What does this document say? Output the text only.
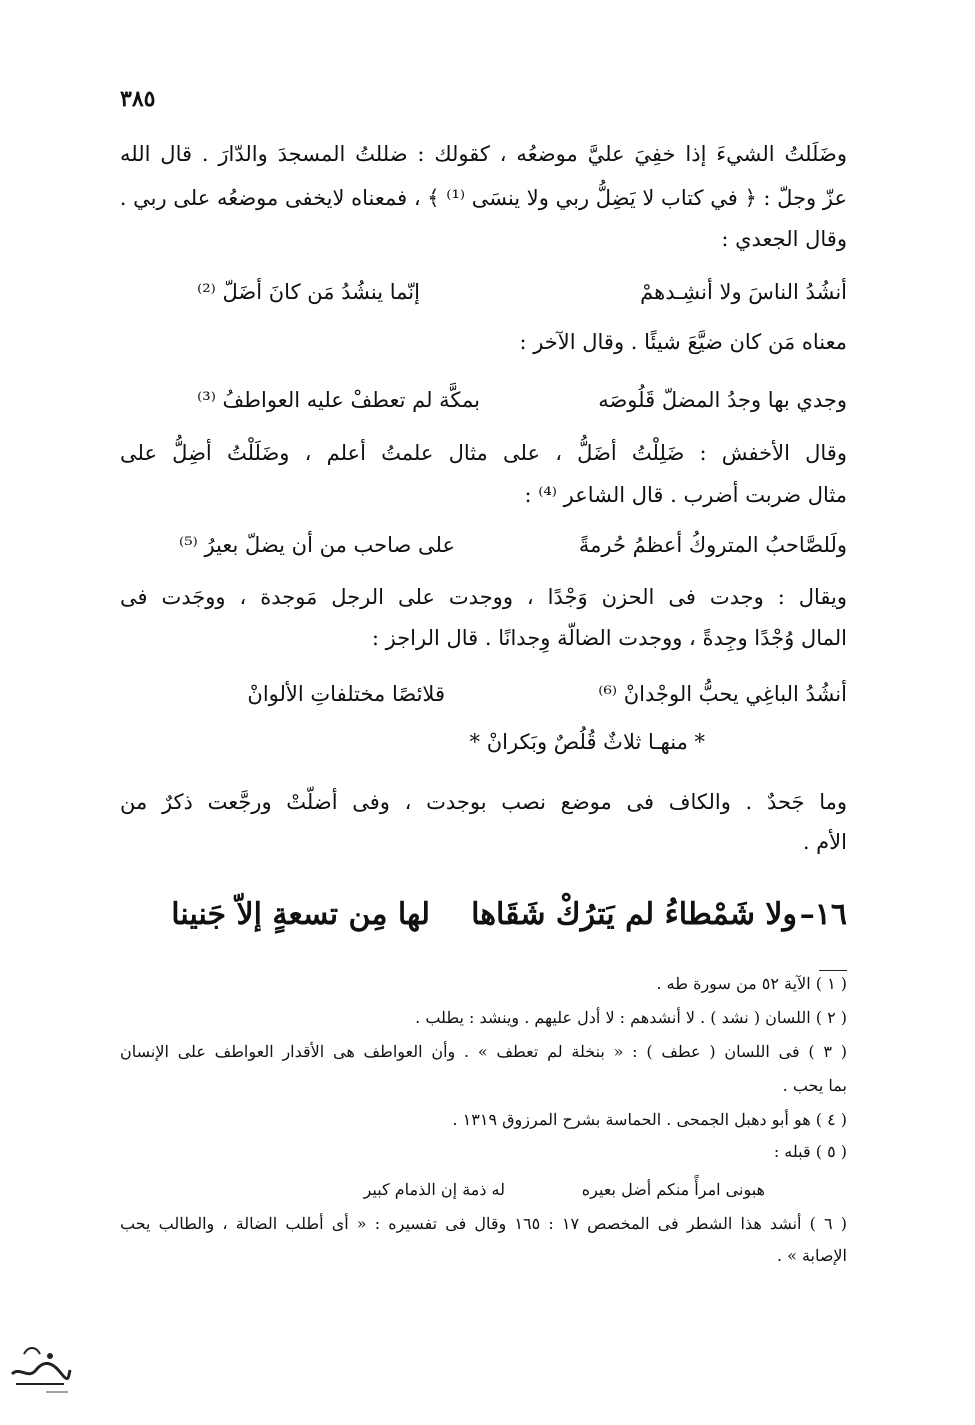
٣٨٥
وضَلَلتُ الشيءَ إذا خفِيَ عليَّ موضعُه ، كقولك : ضللتُ المسجدَ والدّارَ . قال الله
عزّ وجلّ : ﴿ في كتاب لا يَضِلُّ ربي ولا ينسَى ⁽¹⁾ ﴾ ، فمعناه لايخفى موضعُه على ربي .
وقال الجعدي :
أنشُدُ الناسَ ولا أنشِـدهمْ
إنّما ينشُدُ مَن كانَ أضَلّ ⁽²⁾
معناه مَن كان ضيَّعَ شيئًا . وقال الآخر :
وجدي بها وجدُ المضلّ قَلُوصَه
بمكَّة لم تعطفْ عليه العواطفُ ⁽³⁾
وقال الأخفش : ضَلِلْتُ أضَلُّ ، على مثال علمتُ أعلم ، وضَلَلْتُ أضِلُّ على
مثال ضربت أضرب . قال الشاعر ⁽⁴⁾ :
ولَلصَّاحبُ المتروكُ أعظمُ حُرمةً
على صاحب من أن يضلّ بعيرُ ⁽⁵⁾
ويقال : وجدت فى الحزن وَجْدًا ، ووجدت على الرجل مَوجدة ، ووجَدت فى
المال وُجْدًا وجِدةً ، ووجدت الضالّة وِجدانًا . قال الراجز :
أنشُدُ الباغِي يحبُّ الوجْدانْ ⁽⁶⁾
قلائصًا مختلفاتِ الألوانْ
* منهـا ثلاثٌ قُلُصٌ وبَكرانْ *
وما جَحدٌ . والكاف فى موضع نصب بوجدت ، وفى أضلّتْ ورجَّعت ذكرٌ من
الأم .
١٦–
ولا شَمْطاءُ لم يَترُكْ شَقَاها
لها مِن تسعةٍ إلاّ جَنينا
( ١ ) الآية ٥٢ من سورة طه .
( ٢ ) اللسان ( نشد ) . لا أنشدهم : لا أدل عليهم . وينشد : يطلب .
( ٣ ) فى اللسان ( عطف ) : « بنخلة لم تعطف » . وأن العواطف هى الأقدار العواطف على الإنسان
بما يحب .
( ٤ ) هو أبو دهبل الجمحى . الحماسة بشرح المرزوق ١٣١٩ .
( ٥ ) قبله :
هبونى امرأً منكم أضل بعيره
له ذمة إن الذمام كبير
( ٦ ) أنشد هذا الشطر فى المخصص ١٧ : ١٦٥ وقال فى تفسيره : « أى أطلب الضالة ، والطالب يحب
الإصابة » .
